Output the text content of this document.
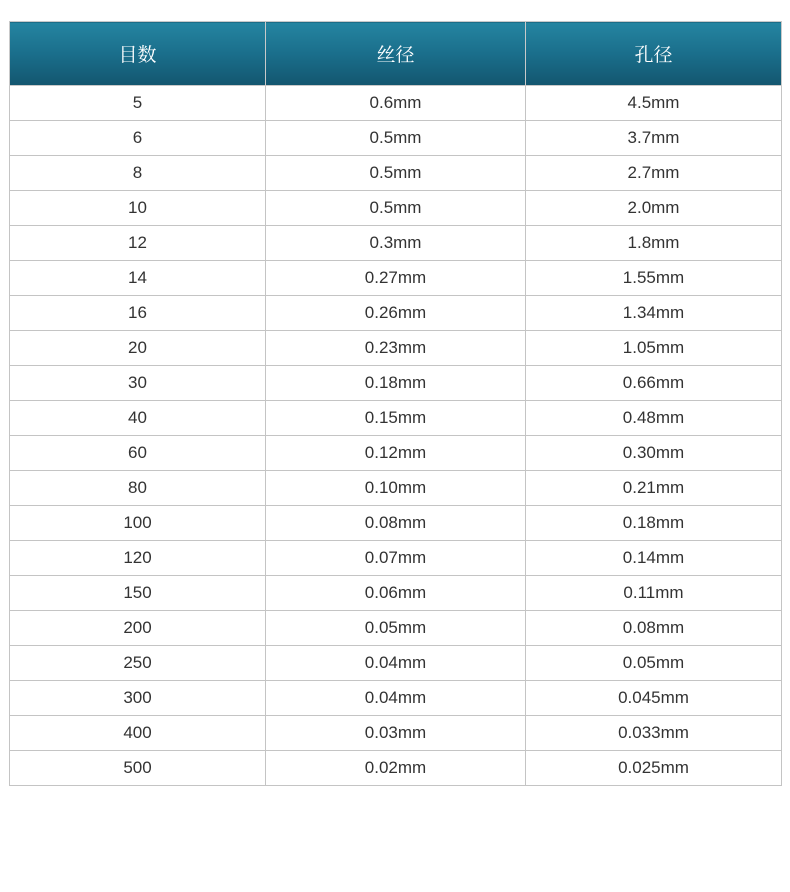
目数	丝径	孔径
5	0.6mm	4.5mm
6	0.5mm	3.7mm
8	0.5mm	2.7mm
10	0.5mm	2.0mm
12	0.3mm	1.8mm
14	0.27mm	1.55mm
16	0.26mm	1.34mm
20	0.23mm	1.05mm
30	0.18mm	0.66mm
40	0.15mm	0.48mm
60	0.12mm	0.30mm
80	0.10mm	0.21mm
100	0.08mm	0.18mm
120	0.07mm	0.14mm
150	0.06mm	0.11mm
200	0.05mm	0.08mm
250	0.04mm	0.05mm
300	0.04mm	0.045mm
400	0.03mm	0.033mm
500	0.02mm	0.025mm
